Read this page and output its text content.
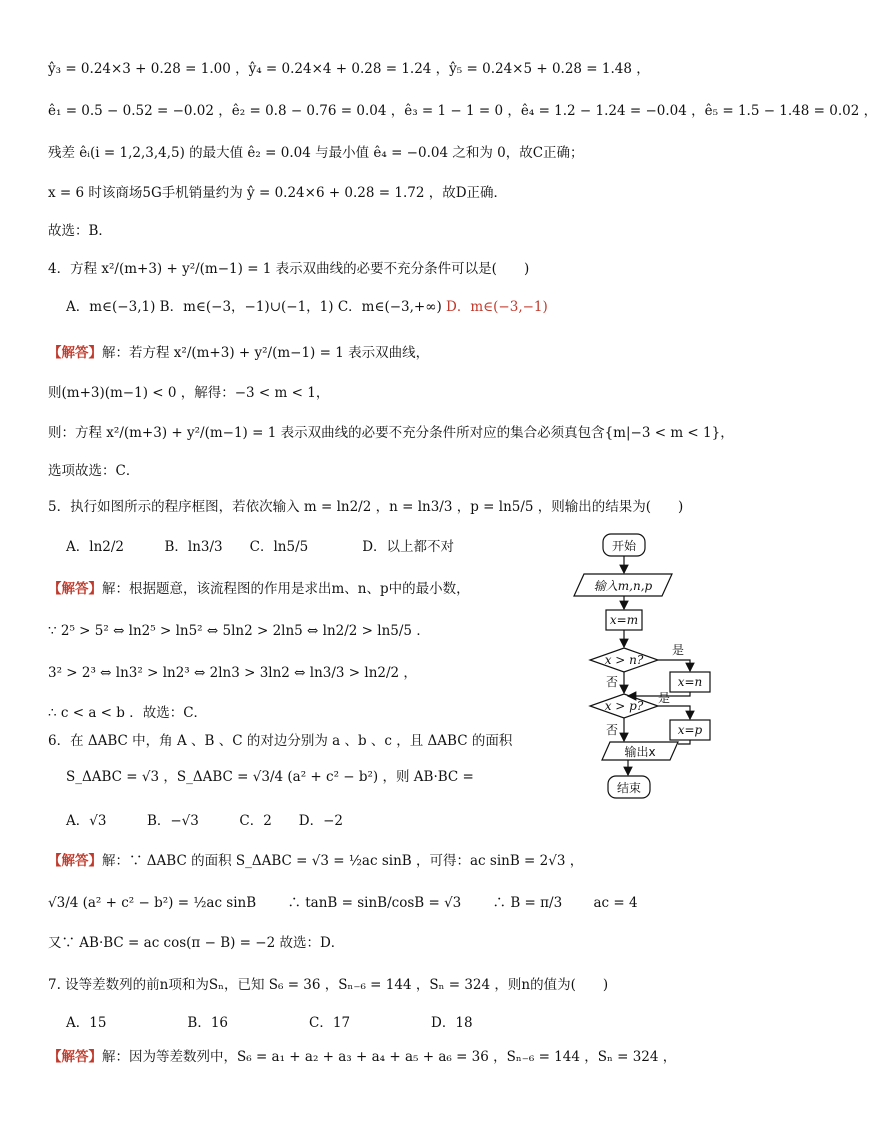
ŷ₃ = 0.24×3 + 0.28 = 1.00 ，ŷ₄ = 0.24×4 + 0.28 = 1.24 ，ŷ₅ = 0.24×5 + 0.28 = 1.48 ，
ê₁ = 0.5 − 0.52 = −0.02 ，ê₂ = 0.8 − 0.76 = 0.04 ，ê₃ = 1 − 1 = 0 ，ê₄ = 1.2 − 1.24 = −0.04 ，ê₅ = 1.5 − 1.48 = 0.02 ，
残差 êᵢ(i = 1,2,3,4,5) 的最大值 ê₂ = 0.04 与最小值 ê₄ = −0.04 之和为 0，故C正确；
x = 6 时该商场5G手机销量约为 ŷ = 0.24×6 + 0.28 = 1.72 ，故D正确．
故选：B．
4．方程 x²/(m+3) + y²/(m−1) = 1 表示双曲线的必要不充分条件可以是(　　)
A．m∈(−3,1) B．m∈(−3，−1)∪(−1，1) C．m∈(−3,+∞) D．m∈(−3,−1)
【解答】解：若方程 x²/(m+3) + y²/(m−1) = 1 表示双曲线，
则(m+3)(m−1) < 0 ，解得：−3 < m < 1，
则：方程 x²/(m+3) + y²/(m−1) = 1 表示双曲线的必要不充分条件所对应的集合必须真包含{m|−3 < m < 1}，
选项故选：C．
5．执行如图所示的程序框图，若依次输入 m = ln2/2 ，n = ln3/3 ，p = ln5/5 ，则输出的结果为(　　)
A．ln2/2　　　B．ln3/3　　C．ln5/5　　　　D．以上都不对
【解答】解：根据题意，该流程图的作用是求出m、n、p中的最小数，
∵ 2⁵ > 5² ⇔ ln2⁵ > ln5² ⇔ 5ln2 > 2ln5 ⇔ ln2/2 > ln5/5 ．
3² > 2³ ⇔ ln3² > ln2³ ⇔ 2ln3 > 3ln2 ⇔ ln3/3 > ln2/2 ，
∴ c < a < b ．故选：C．
6．在 ΔABC 中，角 A 、B 、C 的对边分别为 a 、b 、c ，且 ΔABC 的面积
S_ΔABC = √3 ，S_ΔABC = √3/4 (a² + c² − b²) ，则 AB·BC =
A．√3　　　B．−√3　　　C．2　　D．−2
【解答】解：∵ ΔABC 的面积 S_ΔABC = √3 = ½ac sinB ，可得：ac sinB = 2√3 ，
√3/4 (a² + c² − b²) = ½ac sinB 　　∴ tanB = sinB/cosB = √3 　　∴ B = π/3 　　ac = 4
又∵ AB·BC = ac cos(π − B) = −2 故选：D．
7. 设等差数列的前n项和为Sₙ，已知 S₆ = 36 ，Sₙ₋₆ = 144 ，Sₙ = 324 ，则n的值为(　　)
A．15　　　　　　B．16　　　　　　C．17　　　　　　D．18
【解答】解：因为等差数列中，S₆ = a₁ + a₂ + a₃ + a₄ + a₅ + a₆ = 36 ，Sₙ₋₆ = 144 ，Sₙ = 324 ，
开始
输入m,n,p
x=m
x > n?
是
否	x=n
x > p?
是
否	x=p
输出x
结束
